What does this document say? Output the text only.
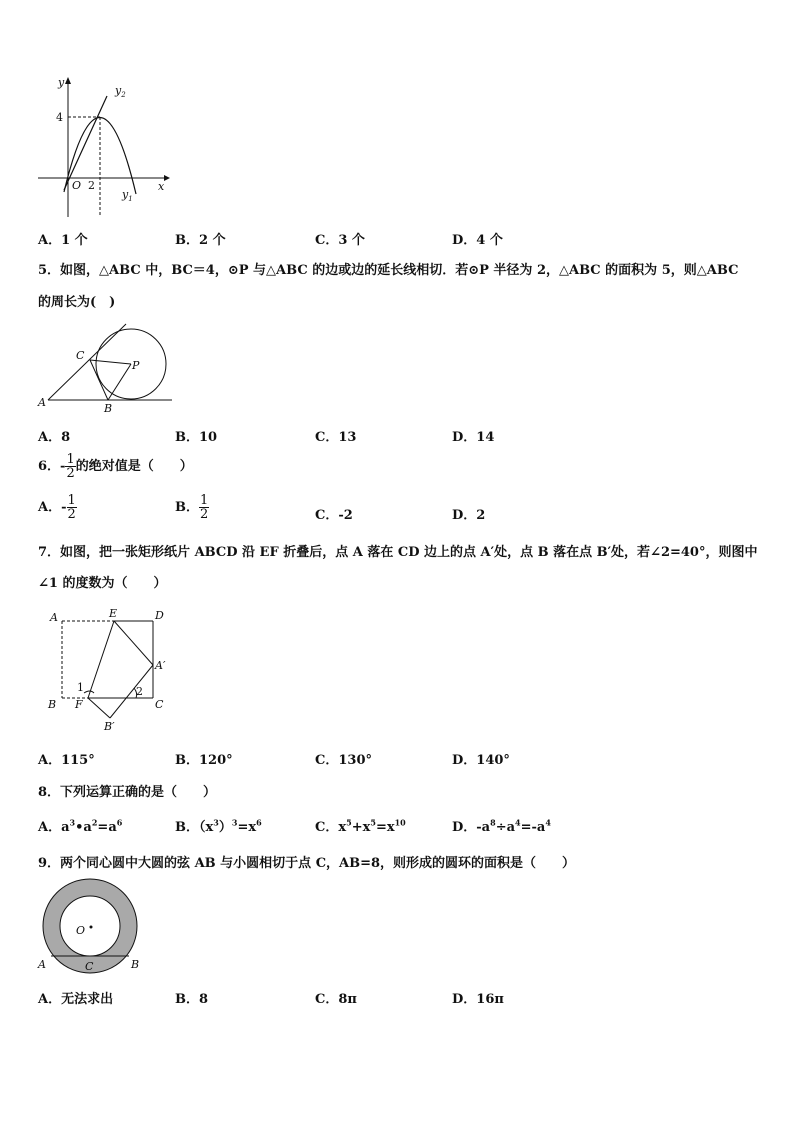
y
$y_2$
x
O
4
2
$y_1$
A．1 个	B．2 个	C．3 个	D．4 个
5．如图，△ABC 中，BC＝4，⊙P 与△ABC 的边或边的延长线相切．若⊙P 半径为 2，△ABC 的面积为 5，则△ABC
的周长为(　)
A	B
C
P
A．8	B．10	C．13	D．14
6．- $\frac{1}{2}$ 的绝对值是（　　）
A．- $\frac{1}{2}$	B． $\frac{1}{2}$	C．-2	D．2
7．如图，把一张矩形纸片 ABCD 沿 EF 折叠后，点 A 落在 CD 边上的点 A′处，点 B 落在点 B′处，若∠2=40°，则图中
∠1 的度数为（　　）
A	E	D
A′
B F	C
B′
1	2
A．115°	B．120°	C．130°	D．140°
8．下列运算正确的是（　　）
A．$a^3•a^2=a^6$	B．$(x^3)^3=x^6$	C．$x^5+x^5=x^{10}$	D．$-a^8\div a^4=-a^4$
9．两个同心圆中大圆的弦 AB 与小圆相切于点 C，AB=8，则形成的圆环的面积是（　　）
O
A	B
C
A．无法求出	B．8	C．8π	D．16π
